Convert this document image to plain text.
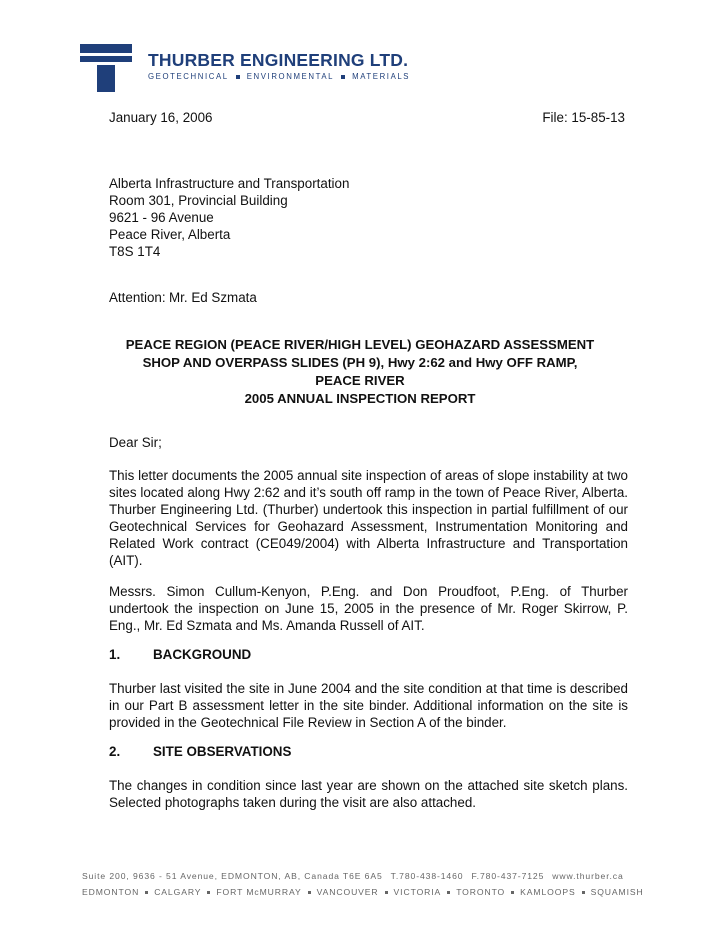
THURBER ENGINEERING LTD.
GEOTECHNICAL ENVIRONMENTAL MATERIALS
January 16, 2006	File: 15-85-13
Alberta Infrastructure and Transportation
Room 301, Provincial Building
9621 - 96 Avenue
Peace River, Alberta
T8S 1T4
Attention: Mr. Ed Szmata
PEACE REGION (PEACE RIVER/HIGH LEVEL) GEOHAZARD ASSESSMENT
SHOP AND OVERPASS SLIDES (PH 9), Hwy 2:62 and Hwy OFF RAMP,
PEACE RIVER
2005 ANNUAL INSPECTION REPORT
Dear Sir;
This letter documents the 2005 annual site inspection of areas of slope instability at two sites located along Hwy 2:62 and it’s south off ramp in the town of Peace River, Alberta. Thurber Engineering Ltd. (Thurber) undertook this inspection in partial fulfillment of our Geotechnical Services for Geohazard Assessment, Instrumentation Monitoring and Related Work contract (CE049/2004) with Alberta Infrastructure and Transportation (AIT).
Messrs. Simon Cullum-Kenyon, P.Eng. and Don Proudfoot, P.Eng. of Thurber undertook the inspection on June 15, 2005 in the presence of Mr. Roger Skirrow, P. Eng., Mr. Ed Szmata and Ms. Amanda Russell of AIT.
1. BACKGROUND
Thurber last visited the site in June 2004 and the site condition at that time is described in our Part B assessment letter in the site binder. Additional information on the site is provided in the Geotechnical File Review in Section A of the binder.
2. SITE OBSERVATIONS
The changes in condition since last year are shown on the attached site sketch plans. Selected photographs taken during the visit are also attached.
Suite 200, 9636 - 51 Avenue, EDMONTON, AB, Canada T6E 6A5 T.780-438-1460 F.780-437-7125 www.thurber.ca
EDMONTON CALGARY FORT McMURRAY VANCOUVER VICTORIA TORONTO KAMLOOPS SQUAMISH
